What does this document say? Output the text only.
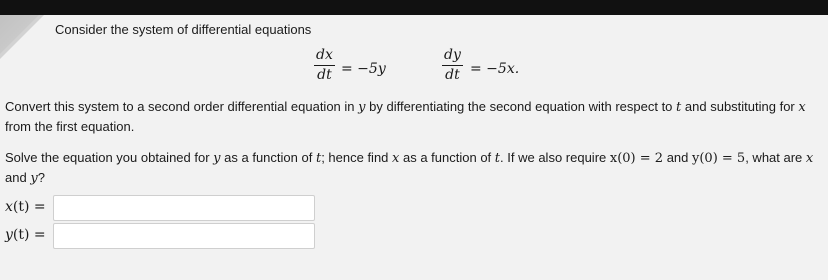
Consider the system of differential equations
dx
dt = −5y
dy
dt = −5x.
Convert this system to a second order differential equation in y by differentiating the second equation with respect to t and substituting for x from the first equation.
Solve the equation you obtained for y as a function of t; hence find x as a function of t. If we also require x(0) = 2 and y(0) = 5, what are x and y?
x(t) =
y(t) =
